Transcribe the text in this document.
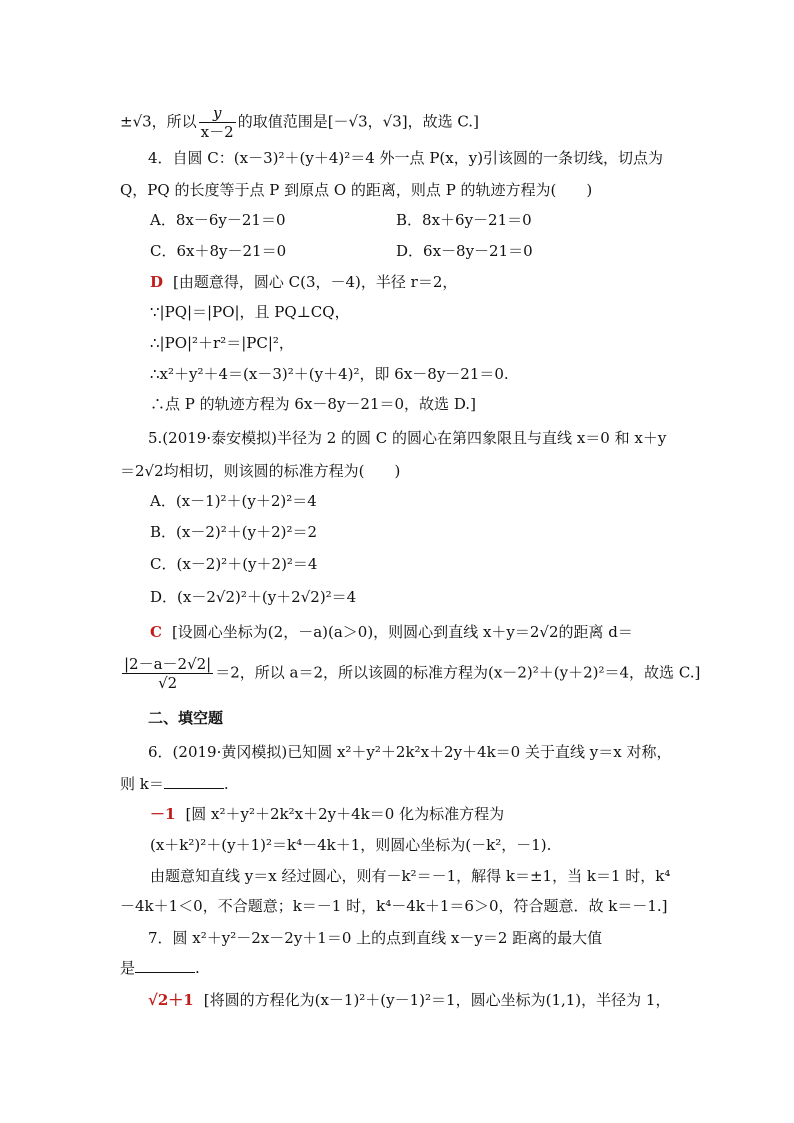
±√3，所以 $\frac{y}{x-2}$ 的取值范围是[－√3，√3]，故选 C.]
4．自圆 C：(x－3)²＋(y＋4)²＝4 外一点 P(x，y)引该圆的一条切线，切点为
Q，PQ 的长度等于点 P 到原点 O 的距离，则点 P 的轨迹方程为(　　)
A．8x－6y－21＝0	B．8x＋6y－21＝0
C．6x＋8y－21＝0	D．6x－8y－21＝0
D [由题意得，圆心 C(3，－4)，半径 r＝2，
∵|PQ|＝|PO|，且 PQ⊥CQ，
∴|PO|²＋r²＝|PC|²，
∴x²＋y²＋4＝(x－3)²＋(y＋4)²，即 6x－8y－21＝0.
∴点 P 的轨迹方程为 6x－8y－21＝0，故选 D.]
5.(2019·泰安模拟)半径为 2 的圆 C 的圆心在第四象限且与直线 x＝0 和 x＋y
＝2√2均相切，则该圆的标准方程为(　　)
A．(x－1)²＋(y＋2)²＝4
B．(x－2)²＋(y＋2)²＝2
C．(x－2)²＋(y＋2)²＝4
D．(x－2√2)²＋(y＋2√2)²＝4
C [设圆心坐标为(2，－a)(a＞0)，则圆心到直线 x＋y＝2√2的距离 d＝
$\frac{|2-a-2√2|}{√2} =2$，所以 a＝2，所以该圆的标准方程为(x－2)²＋(y＋2)²＝4，故选 C.]
二、填空题
6．(2019·黄冈模拟)已知圆 x²＋y²＋2k²x＋2y＋4k＝0 关于直线 y＝x 对称，
则 k＝	.
－1 [圆 x²＋y²＋2k²x＋2y＋4k＝0 化为标准方程为
(x＋k²)²＋(y＋1)²＝k⁴－4k＋1，则圆心坐标为(－k²，－1).
由题意知直线 y＝x 经过圆心，则有－k²＝－1，解得 k＝±1，当 k＝1 时，k⁴
－4k＋1＜0，不合题意；k＝－1 时，k⁴－4k＋1＝6＞0，符合题意．故 k＝－1.]
7．圆 x²＋y²－2x－2y＋1＝0 上的点到直线 x－y＝2 距离的最大值
是	.
√2＋1 [将圆的方程化为(x－1)²＋(y－1)²＝1，圆心坐标为(1,1)，半径为 1，
